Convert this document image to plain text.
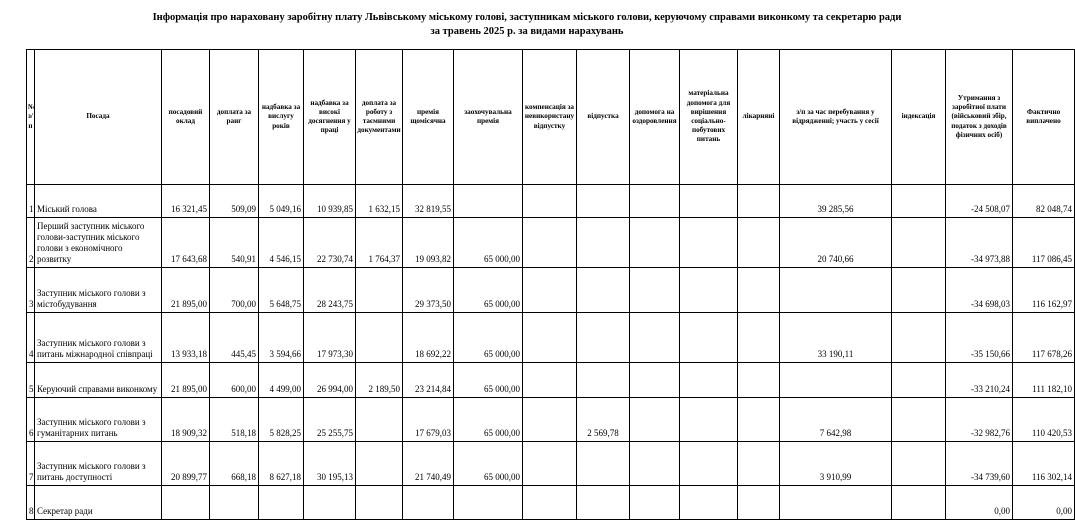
Інформація про нараховану заробітну плату Львівському міському голові, заступникам міського голови, керуючому справами виконкому та секретарю ради
за травень 2025 р. за видами нарахувань
№ з/п	Посада	посадовий оклад	доплата за ранг	надбавка за вислугу років	надбавка за високі досягнення у праці	доплата за роботу з таємними документами	премія щомісячна	заохочувальна премія	компенсація за невикористану відпустку	відпустка	допомога на оздоровлення	матеріальна допомога для вирішення соціально-побутових питань	лікарняні	з/п за час перебування у відрядженні; участь у сесії	індексація	Утримання з заробітної плати (військовий збір, податок з доходів фізичних осіб)	Фактично виплачено
1	Міський голова	16 321,45	509,09	5 049,16	10 939,85	1 632,15	32 819,55							39 285,56		-24 508,07	82 048,74
2	Перший заступник міського голови-заступник міського голови з економічного розвитку	17 643,68	540,91	4 546,15	22 730,74	1 764,37	19 093,82	65 000,00						20 740,66		-34 973,88	117 086,45
3	Заступник міського голови з містобудування	21 895,00	700,00	5 648,75	28 243,75		29 373,50	65 000,00								-34 698,03	116 162,97
4	Заступник міського голови з питань міжнародної співпраці	13 933,18	445,45	3 594,66	17 973,30		18 692,22	65 000,00						33 190,11		-35 150,66	117 678,26
5	Керуючий справами виконкому	21 895,00	600,00	4 499,00	26 994,00	2 189,50	23 214,84	65 000,00								-33 210,24	111 182,10
6	Заступник міського голови з гуманітарних питань	18 909,32	518,18	5 828,25	25 255,75		17 679,03	65 000,00		2 569,78				7 642,98		-32 982,76	110 420,53
7	Заступник міського голови з питань доступності	20 899,77	668,18	8 627,18	30 195,13		21 740,49	65 000,00						3 910,99		-34 739,60	116 302,14
8	Секретар ради															0,00	0,00
